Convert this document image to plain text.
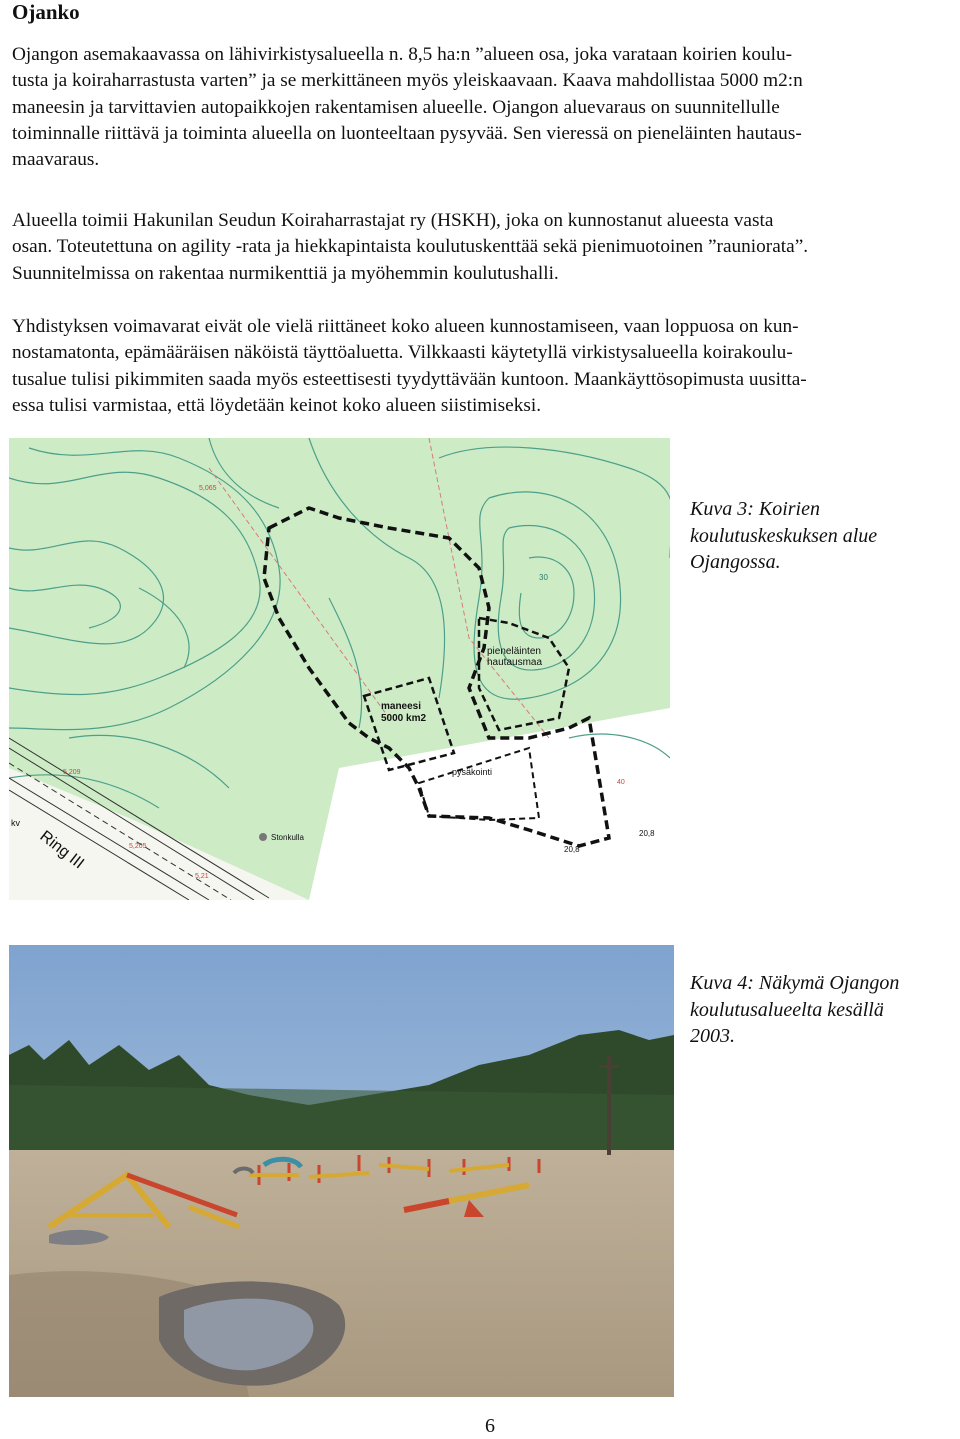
Ojanko

Ojangon asemakaavassa on lähivirkistysalueella n. 8,5 ha:n ”alueen osa, joka varataan koirien koulu-
tusta ja koiraharrastusta varten” ja se merkittäneen myös yleiskaavaan. Kaava mahdollistaa 5000 m2:n
maneesin ja tarvittavien autopaikkojen rakentamisen alueelle. Ojangon aluevaraus on suunnitellulle
toiminnalle riittävä ja toiminta alueella on luonteeltaan pysyvää. Sen vieressä on pieneläinten hautaus-
maavaraus.

Alueella toimii Hakunilan Seudun Koiraharrastajat ry (HSKH), joka on kunnostanut alueesta vasta
osan. Toteutettuna on agility -rata ja hiekkapintaista koulutuskenttää sekä pienimuotoinen ”rauniorata”.
Suunnitelmissa on rakentaa nurmikenttiä ja myöhemmin koulutushalli.

Yhdistyksen voimavarat eivät ole vielä riittäneet koko alueen kunnostamiseen, vaan loppuosa on kun-
nostamatonta, epämääräisen näköistä täyttöaluetta. Vilkkaasti käytetyllä virkistysalueella koirakoulu-
tusalue tulisi pikimmiten saada myös esteettisesti tyydyttävään kuntoon. Maankäyttösopimusta uusitta-
essa tulisi varmistaa, että löydetään keinot koko alueen siistimiseksi.

maneesi
5000 km2
pieneläinten
hautausmaa
pysäkointi
Ring III	Stonkulla
20,8
20,8
30
5,065
5,209
5,205
5,21
40
kv
Kuva 3: Koirien
koulutuskeskuksen alue
Ojangossa.
Kuva 4: Näkymä Ojangon
koulutusalueelta kesällä
2003.
6
